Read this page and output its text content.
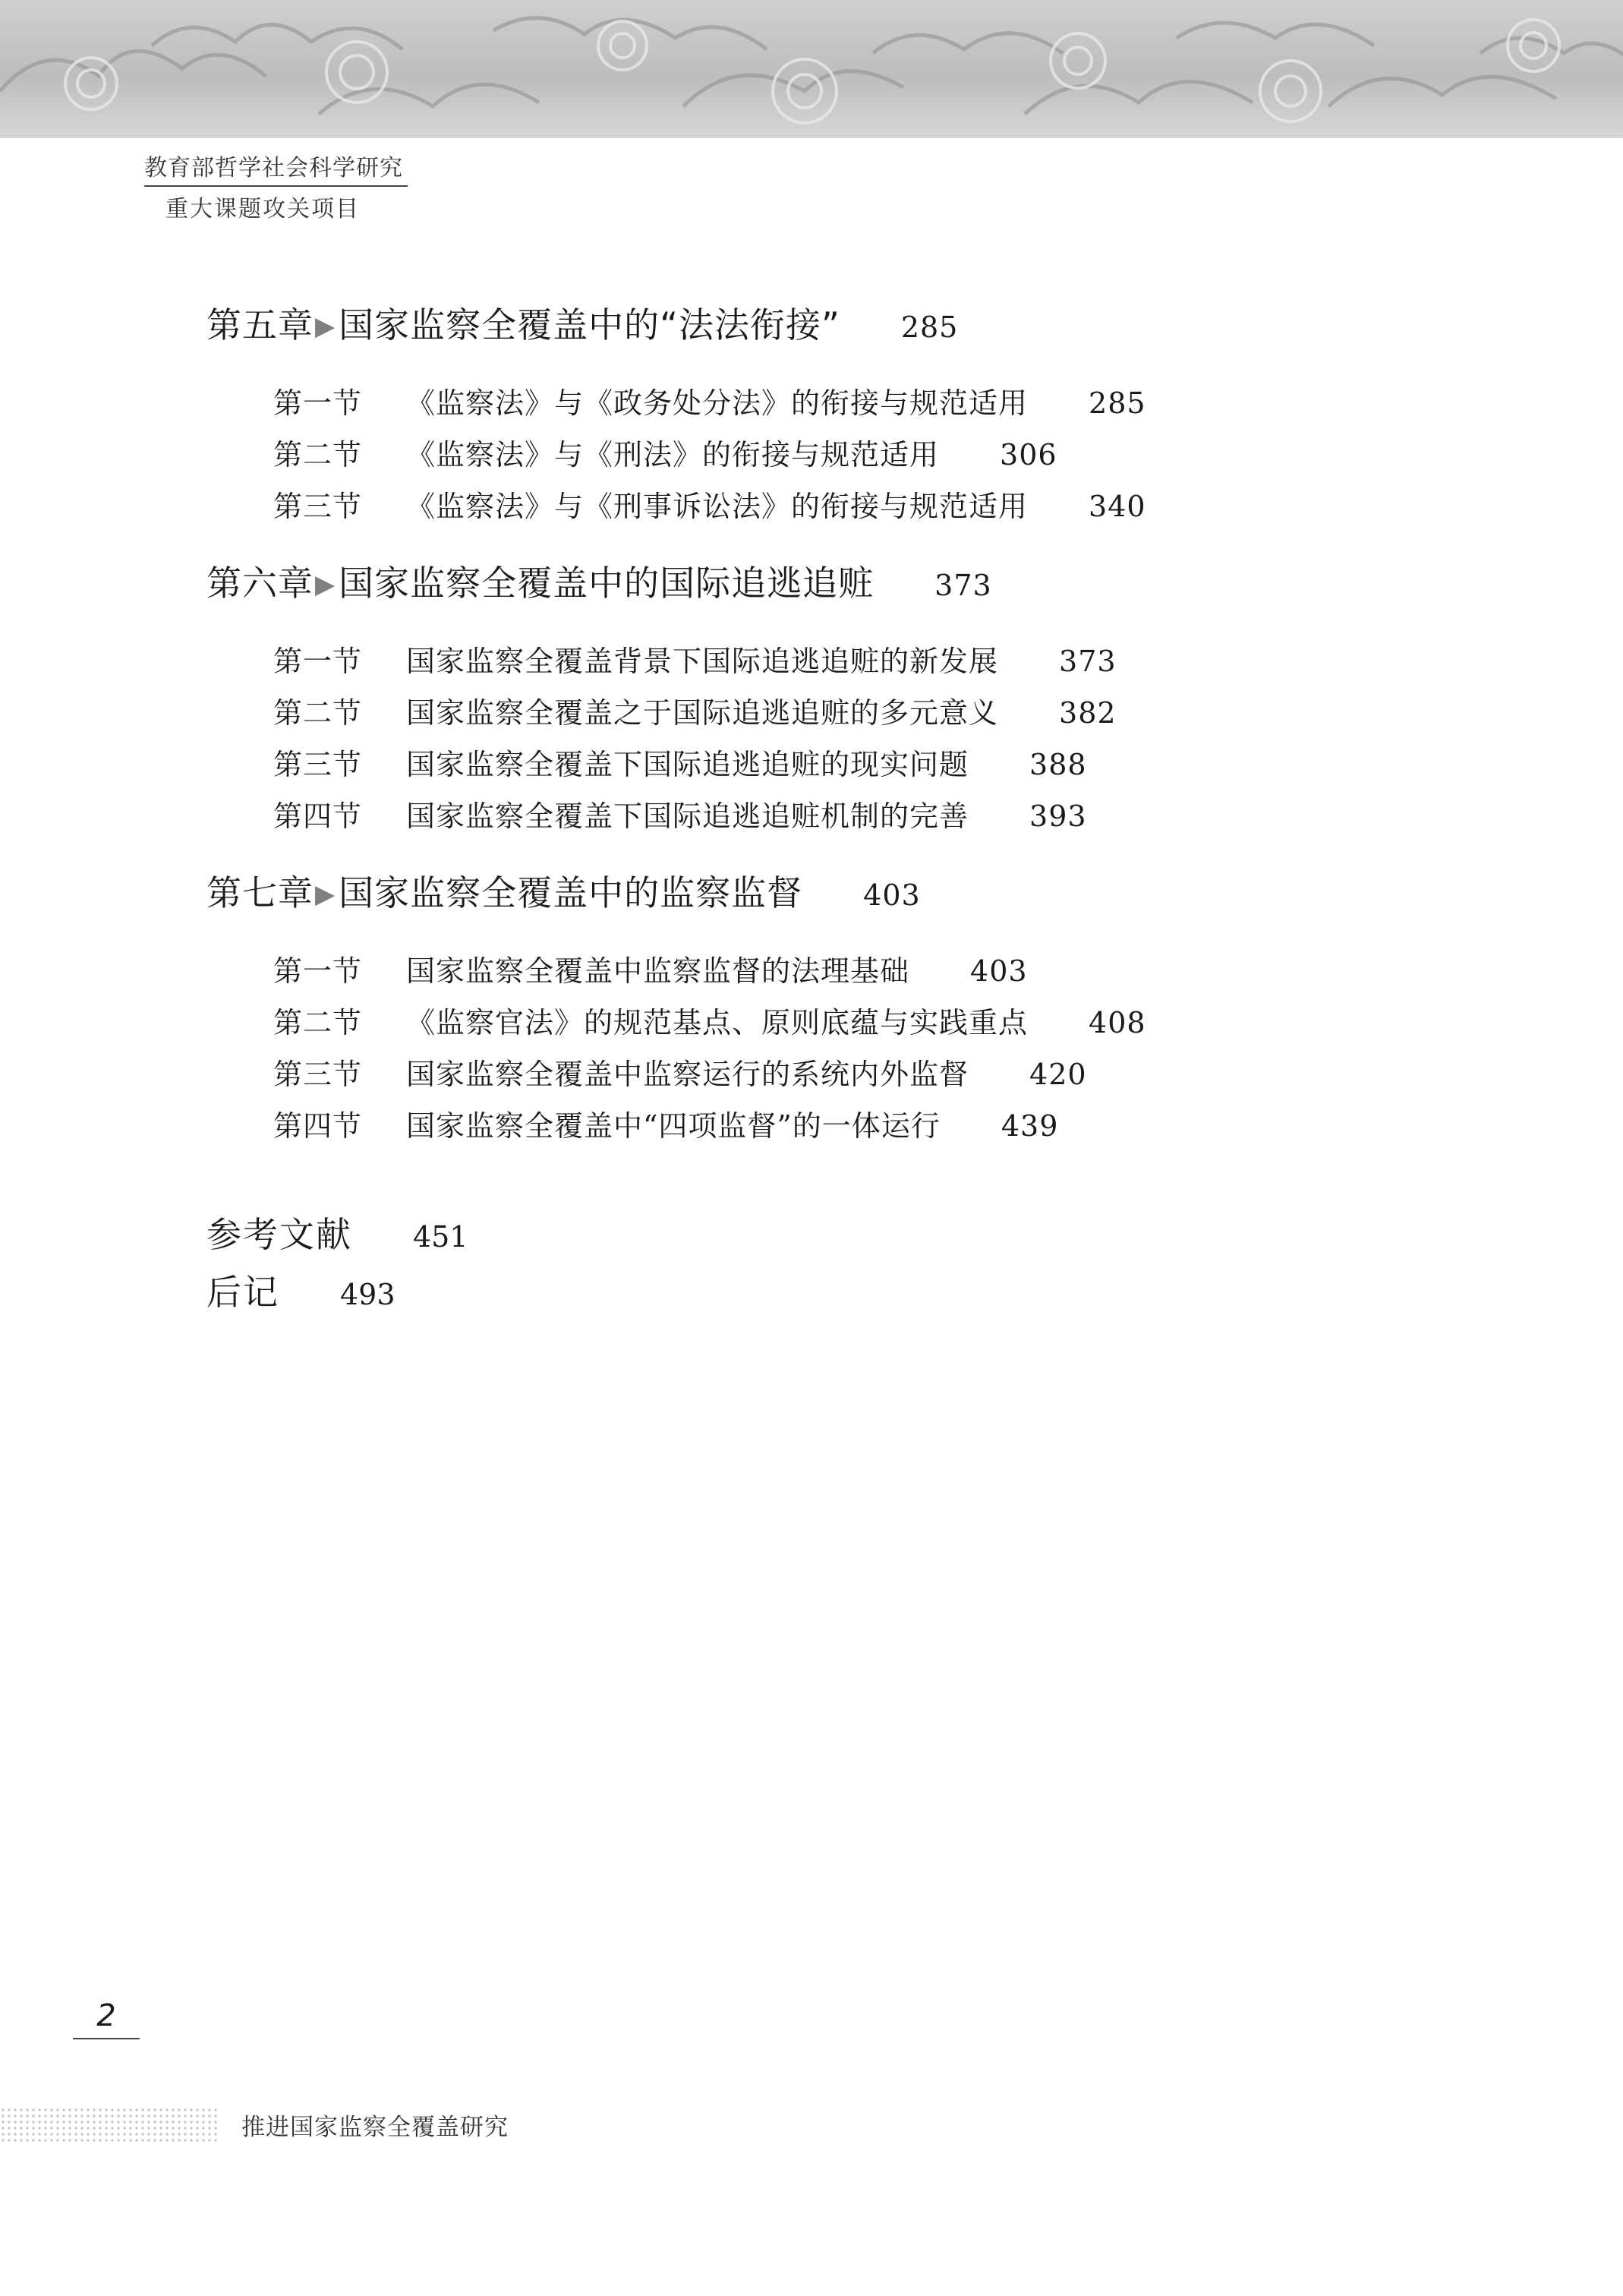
教育部哲学社会科学研究
重大课题攻关项目
第五章▶国家监察全覆盖中的“法法衔接” 285
第一节 《监察法》与《政务处分法》的衔接与规范适用 285
第二节 《监察法》与《刑法》的衔接与规范适用 306
第三节 《监察法》与《刑事诉讼法》的衔接与规范适用 340
第六章▶国家监察全覆盖中的国际追逃追赃 373
第一节 国家监察全覆盖背景下国际追逃追赃的新发展 373
第二节 国家监察全覆盖之于国际追逃追赃的多元意义 382
第三节 国家监察全覆盖下国际追逃追赃的现实问题 388
第四节 国家监察全覆盖下国际追逃追赃机制的完善 393
第七章▶国家监察全覆盖中的监察监督 403
第一节 国家监察全覆盖中监察监督的法理基础 403
第二节 《监察官法》的规范基点、原则底蕴与实践重点 408
第三节 国家监察全覆盖中监察运行的系统内外监督 420
第四节 国家监察全覆盖中“四项监督”的一体运行 439
参考文献 451
后记 493
2
推进国家监察全覆盖研究
